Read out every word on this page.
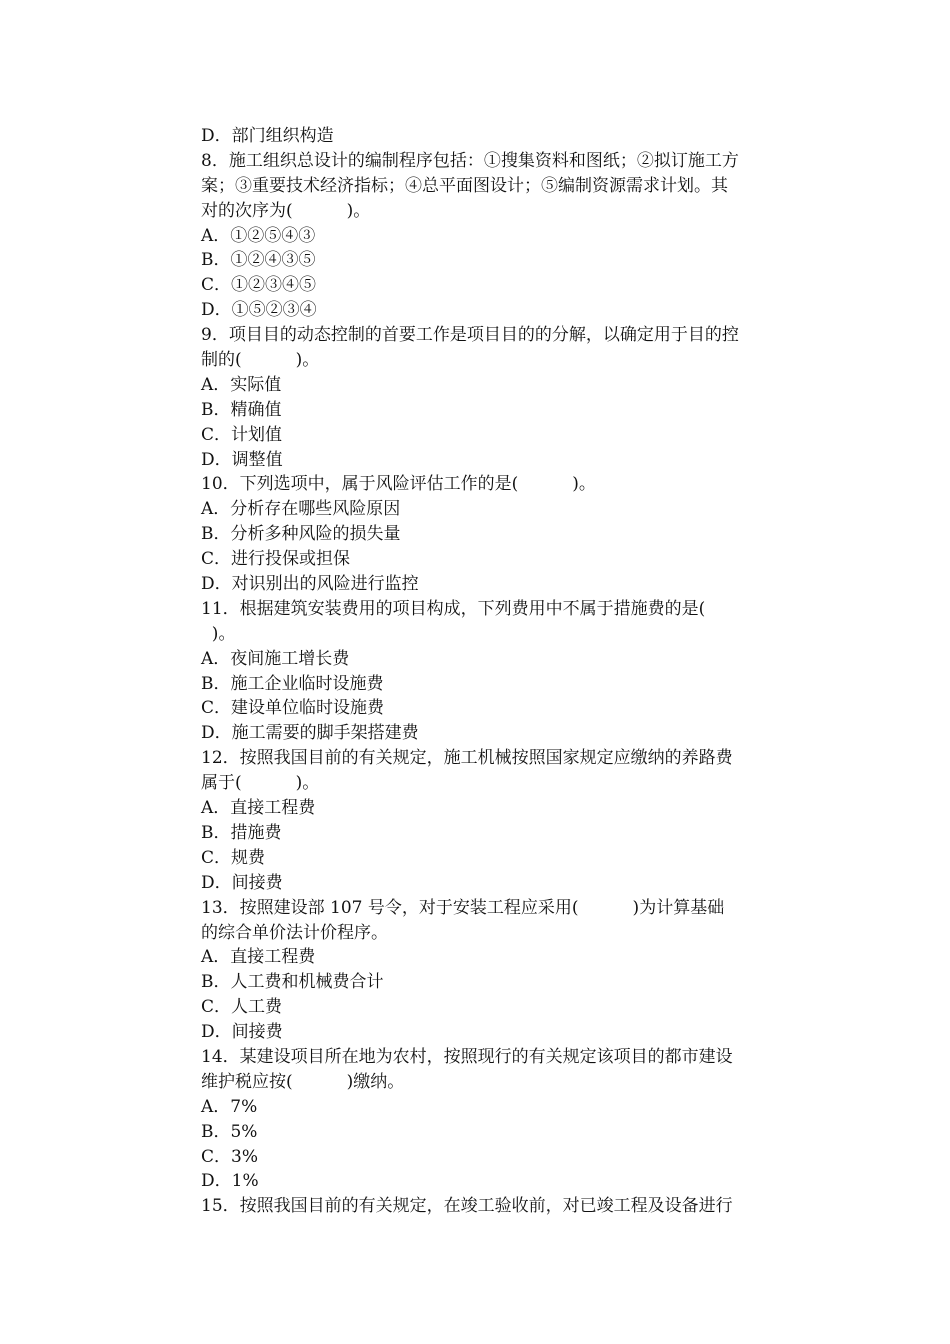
D．部门组织构造
8．施工组织总设计的编制程序包括：①搜集资料和图纸；②拟订施工方
案；③重要技术经济指标；④总平面图设计；⑤编制资源需求计划。其
对的次序为(          )。
A．①②⑤④③
B．①②④③⑤
C．①②③④⑤
D．①⑤②③④
9．项目目的动态控制的首要工作是项目目的的分解，以确定用于目的控
制的(          )。
A．实际值
B．精确值
C．计划值
D．调整值
10．下列选项中，属于风险评估工作的是(          )。
A．分析存在哪些风险原因
B．分析多种风险的损失量
C．进行投保或担保
D．对识别出的风险进行监控
11．根据建筑安装费用的项目构成，下列费用中不属于措施费的是(
)。
A．夜间施工增长费
B．施工企业临时设施费
C．建设单位临时设施费
D．施工需要的脚手架搭建费
12．按照我国目前的有关规定，施工机械按照国家规定应缴纳的养路费
属于(          )。
A．直接工程费
B．措施费
C．规费
D．间接费
13．按照建设部 107 号令，对于安装工程应采用(          )为计算基础
的综合单价法计价程序。
A．直接工程费
B．人工费和机械费合计
C．人工费
D．间接费
14．某建设项目所在地为农村，按照现行的有关规定该项目的都市建设
维护税应按(          )缴纳。
A．7%
B．5%
C．3%
D．1%
15．按照我国目前的有关规定，在竣工验收前，对已竣工程及设备进行
